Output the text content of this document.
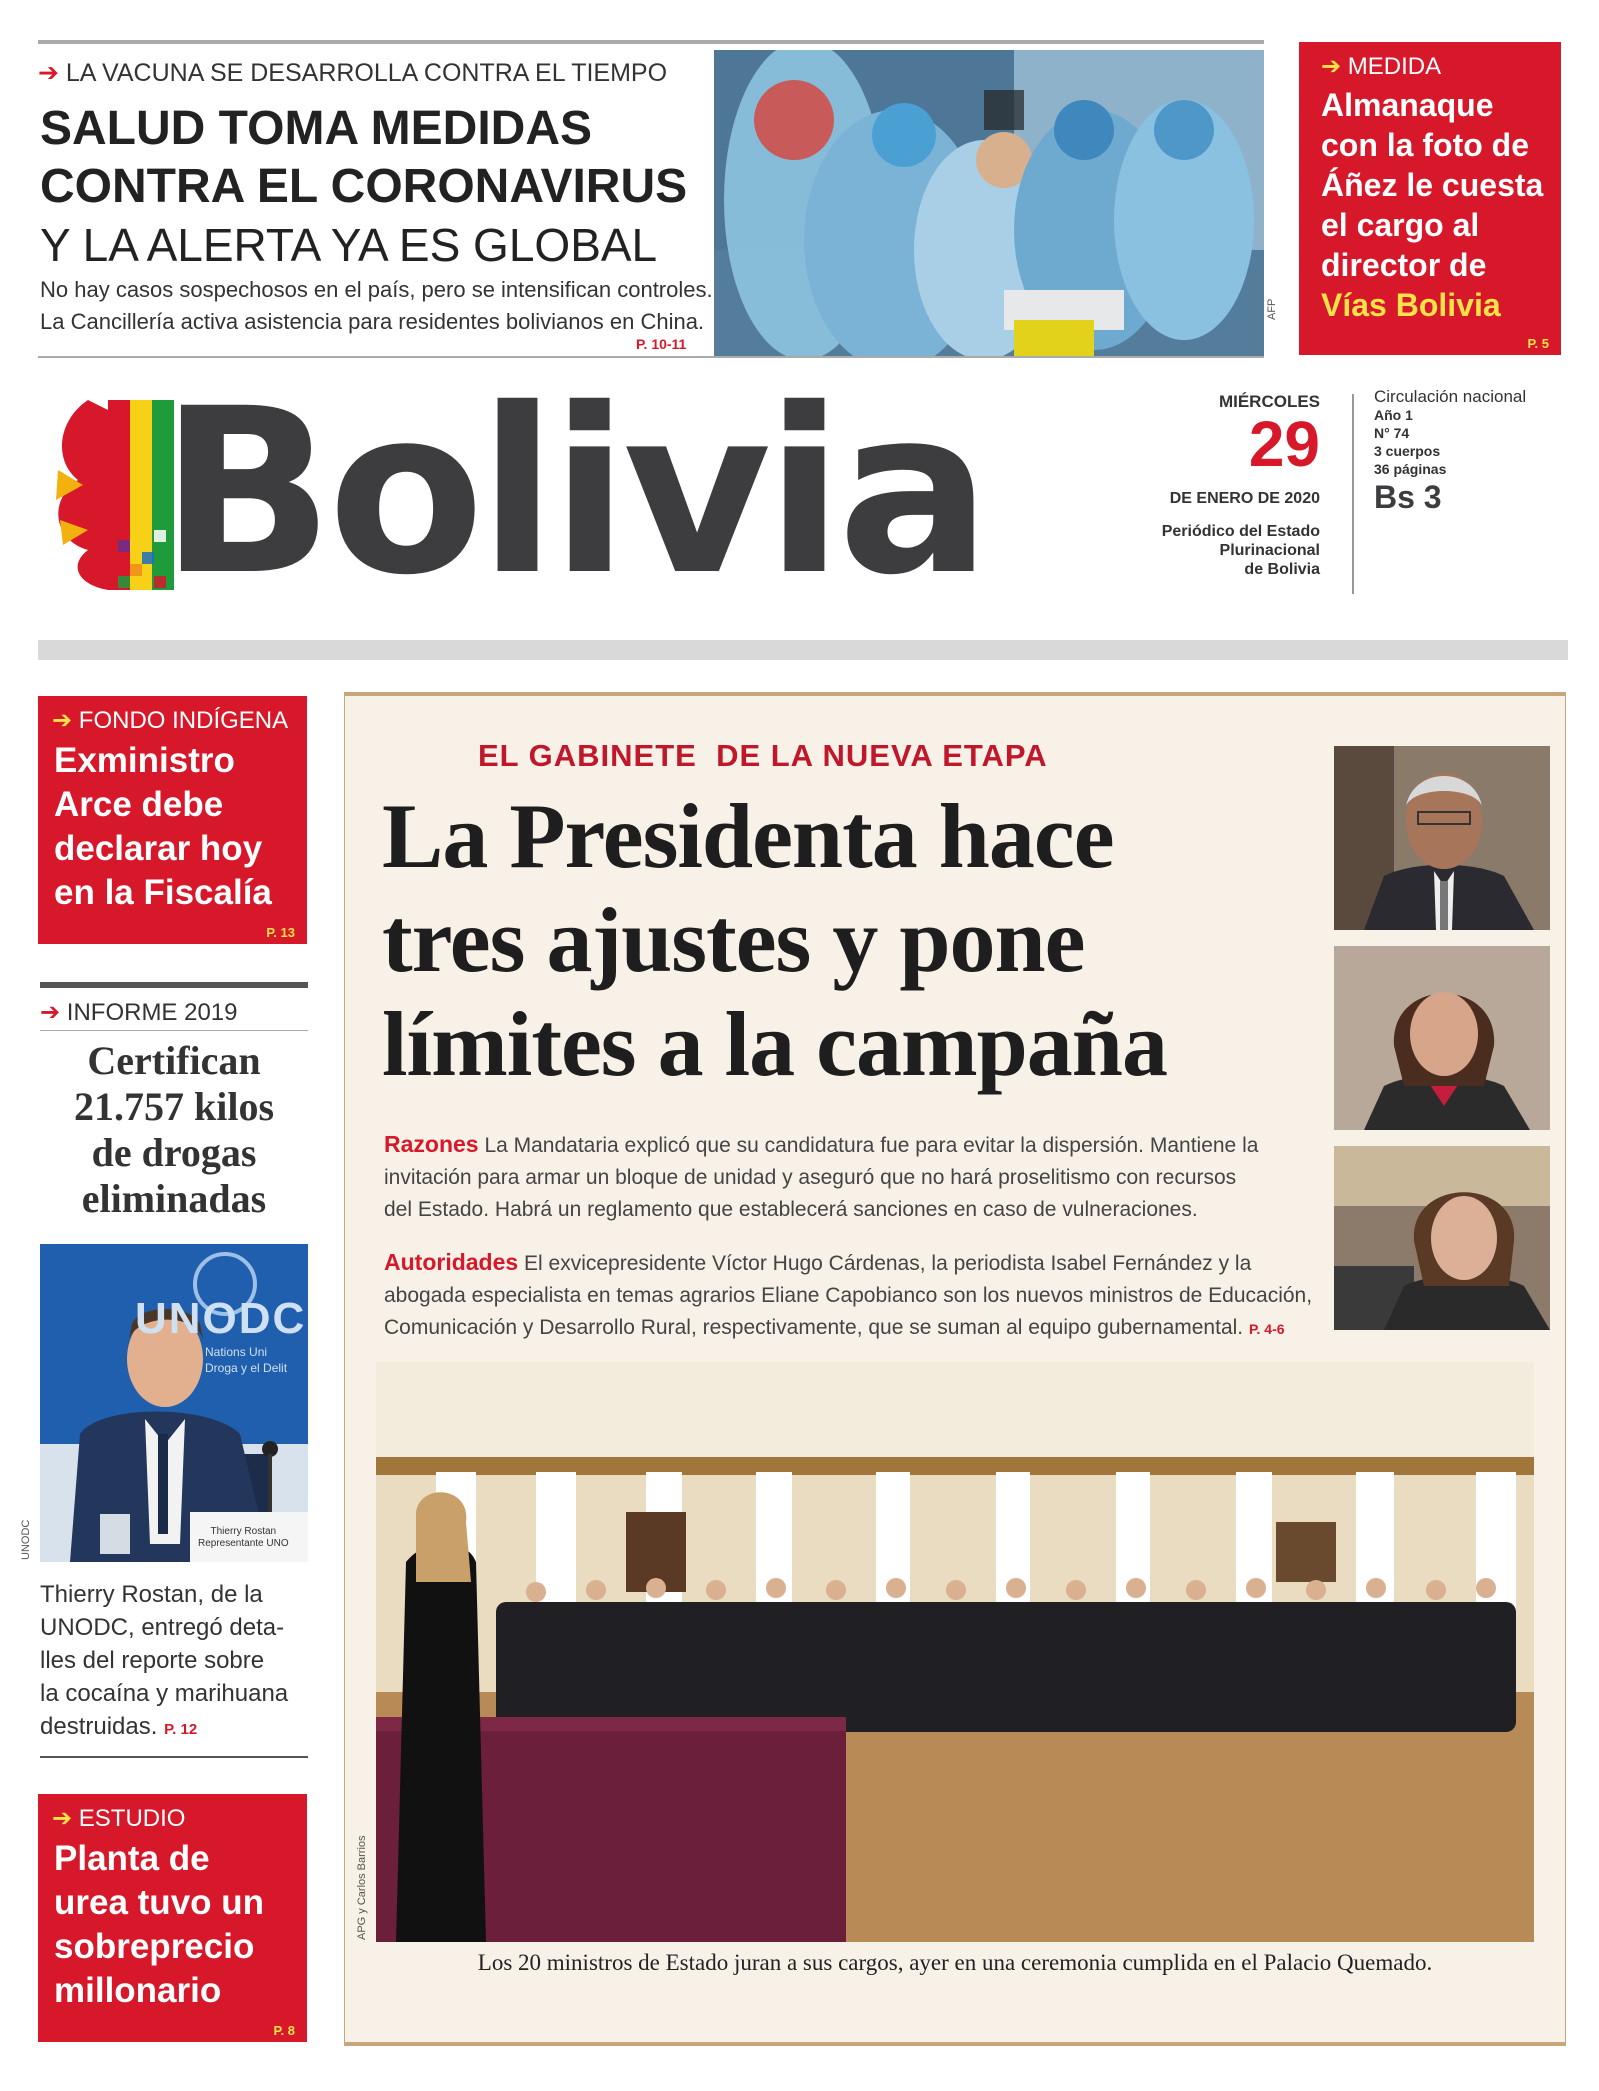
➔ LA VACUNA SE DESARROLLA CONTRA EL TIEMPO
SALUD TOMA MEDIDAS
CONTRA EL CORONAVIRUS
Y LA ALERTA YA ES GLOBAL
No hay casos sospechosos en el país, pero se intensifican controles.
La Cancillería activa asistencia para residentes bolivianos en China.
P. 10-11
AFP
➔ MEDIDA
Almanaque
con la foto de
Áñez le cuesta
el cargo al
director de
Vías Bolivia
P. 5
Bolivia	MIÉRCOLES
29
DE ENERO DE 2020
Periódico del Estado
Plurinacional
de Bolivia
Circulación nacional
Año 1
N° 74
3 cuerpos
36 páginas
Bs 3
➔ FONDO INDÍGENA
Exministro
Arce debe
declarar hoy
en la Fiscalía
P. 13
➔ INFORME 2019
Certifican
21.757 kilos
de drogas
eliminadas
UNODC
Nations Uni
Droga y el Delit
Thierry Rostan
Representante UNO
UNODC
Thierry Rostan, de la
UNODC, entregó deta-
lles del reporte sobre
la cocaína y marihuana
destruidas. P. 12
➔ ESTUDIO
Planta de
urea tuvo un
sobreprecio
millonario
P. 8
EL GABINETE  DE LA NUEVA ETAPA
La Presidenta hace
tres ajustes y pone
límites a la campaña
Razones La Mandataria explicó que su candidatura fue para evitar la dispersión. Mantiene la
invitación para armar un bloque de unidad y aseguró que no hará proselitismo con recursos
del Estado. Habrá un reglamento que establecerá sanciones en caso de vulneraciones.
Autoridades El exvicepresidente Víctor Hugo Cárdenas, la periodista Isabel Fernández y la
abogada especialista en temas agrarios Eliane Capobianco son los nuevos ministros de Educación,
Comunicación y Desarrollo Rural, respectivamente, que se suman al equipo gubernamental. P. 4-6
APG y Carlos Barrios
Los 20 ministros de Estado juran a sus cargos, ayer en una ceremonia cumplida en el Palacio Quemado.
